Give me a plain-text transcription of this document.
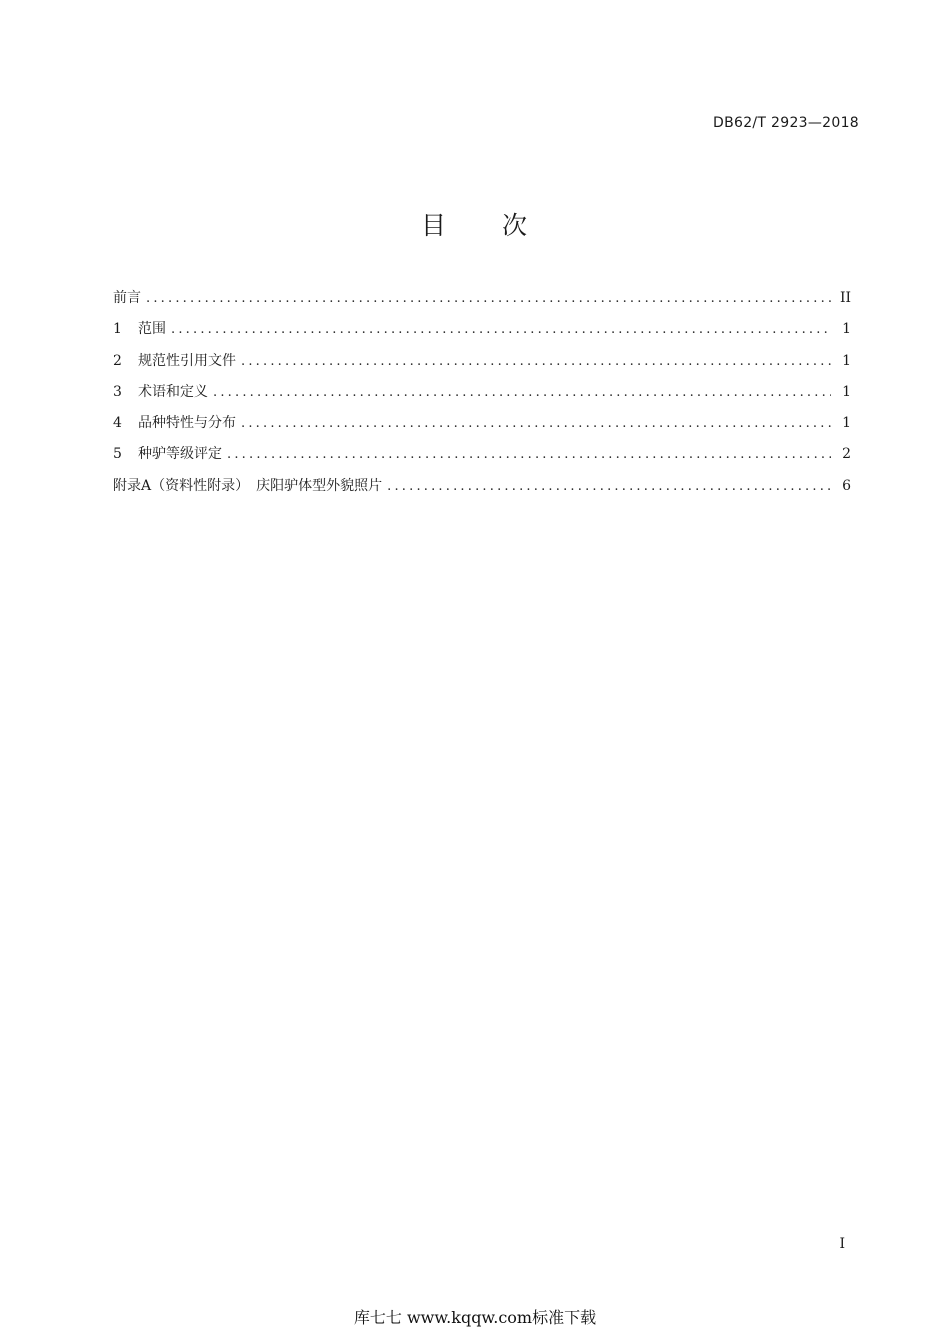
DB62/T 2923—2018
目　　次
前言 .....	II
1	范围 .....	1
2	规范性引用文件 .....	1
3	术语和定义 .....	1
4	品种特性与分布 .....	1
5	种驴等级评定 .....	2
附录A（资料性附录）　庆阳驴体型外貌照片 .....	6
I
库七七 www.kqqw.com标准下载
